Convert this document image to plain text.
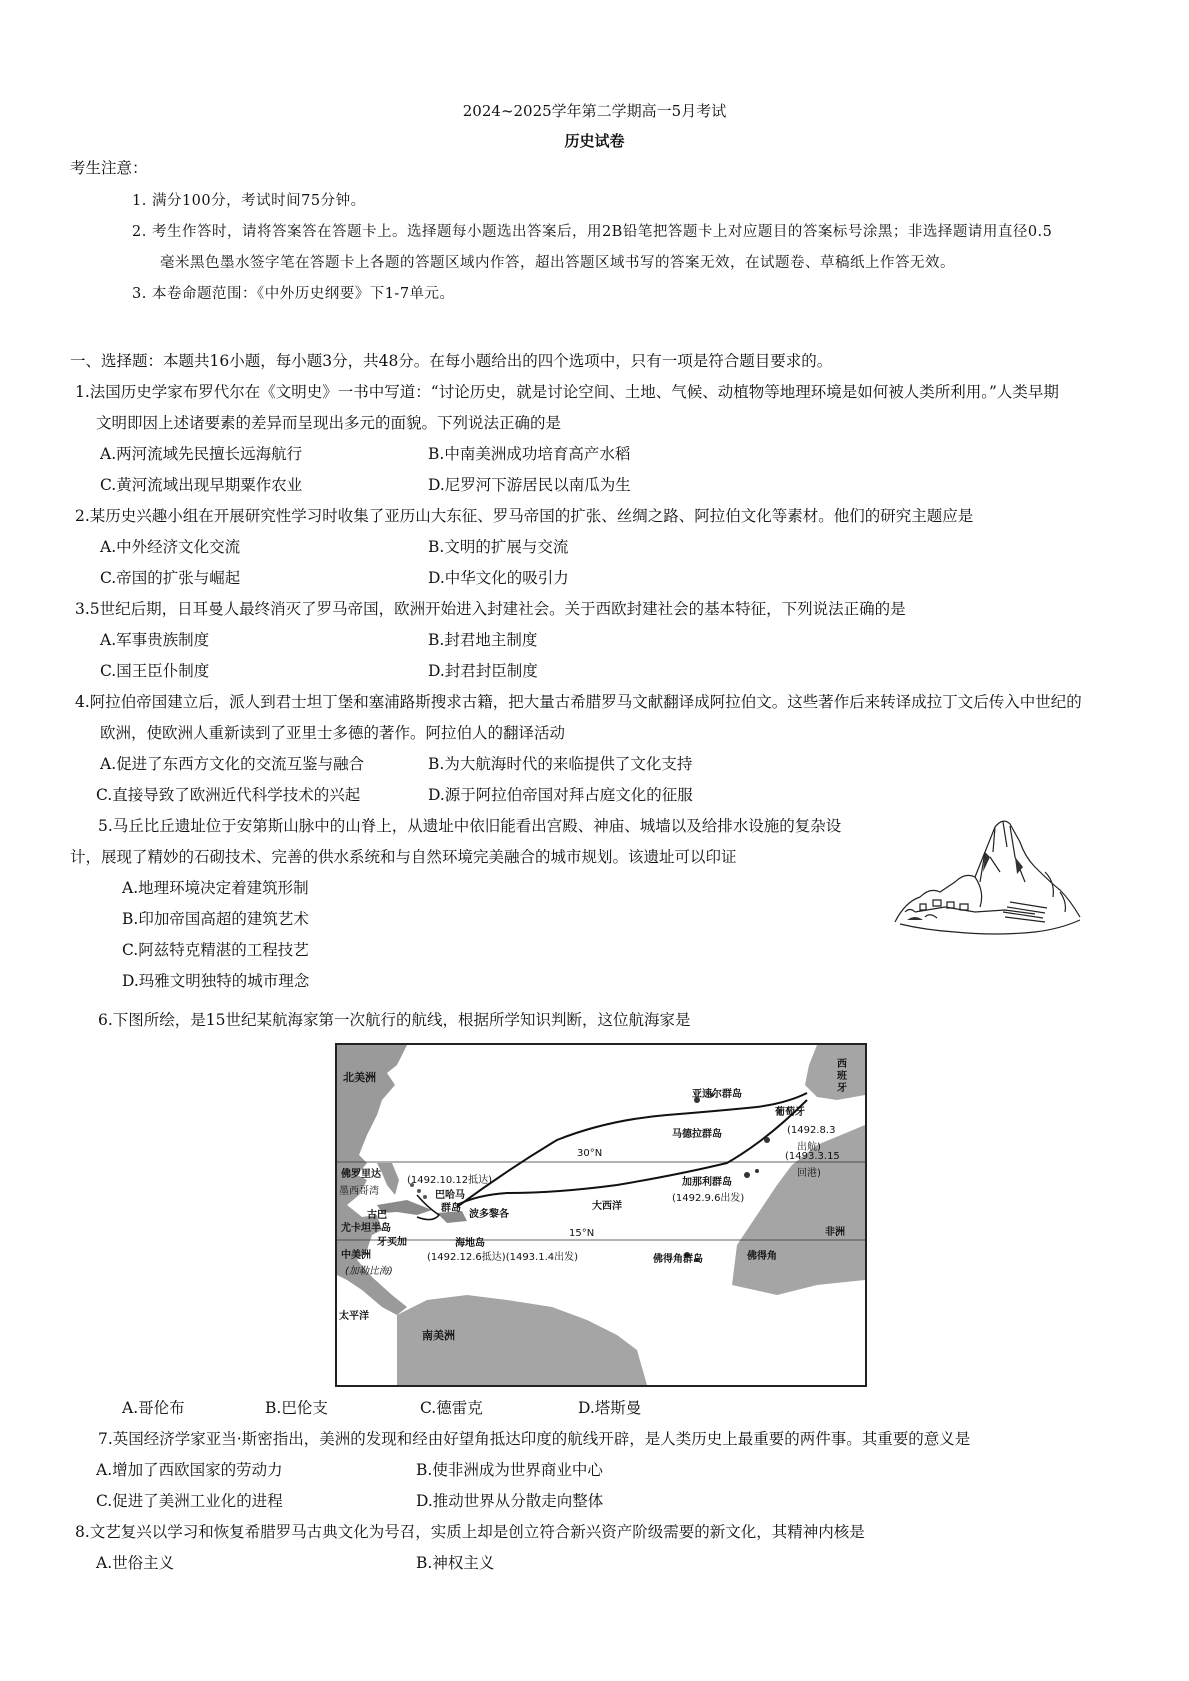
2024~2025学年第二学期高一5月考试
历史试卷
考生注意：
1. 满分100分，考试时间75分钟。
2. 考生作答时，请将答案答在答题卡上。选择题每小题选出答案后，用2B铅笔把答题卡上对应题目的答案标号涂黑；非选择题请用直径0.5
毫米黑色墨水签字笔在答题卡上各题的答题区域内作答，超出答题区域书写的答案无效，在试题卷、草稿纸上作答无效。
3. 本卷命题范围：《中外历史纲要》下1-7单元。
一、选择题：本题共16小题，每小题3分，共48分。在每小题给出的四个选项中，只有一项是符合题目要求的。
1.法国历史学家布罗代尔在《文明史》一书中写道：“讨论历史，就是讨论空间、土地、气候、动植物等地理环境是如何被人类所利用。”人类早期
文明即因上述诸要素的差异而呈现出多元的面貌。下列说法正确的是
A.两河流域先民擅长远海航行	B.中南美洲成功培育高产水稻
C.黄河流域出现早期粟作农业	D.尼罗河下游居民以南瓜为生
2.某历史兴趣小组在开展研究性学习时收集了亚历山大东征、罗马帝国的扩张、丝绸之路、阿拉伯文化等素材。他们的研究主题应是
A.中外经济文化交流	B.文明的扩展与交流
C.帝国的扩张与崛起	D.中华文化的吸引力
3.5世纪后期，日耳曼人最终消灭了罗马帝国，欧洲开始进入封建社会。关于西欧封建社会的基本特征，下列说法正确的是
A.军事贵族制度	B.封君地主制度
C.国王臣仆制度	D.封君封臣制度
4.阿拉伯帝国建立后，派人到君士坦丁堡和塞浦路斯搜求古籍，把大量古希腊罗马文献翻译成阿拉伯文。这些著作后来转译成拉丁文后传入中世纪的
欧洲，使欧洲人重新读到了亚里士多德的著作。阿拉伯人的翻译活动
A.促进了东西方文化的交流互鉴与融合	B.为大航海时代的来临提供了文化支持
C.直接导致了欧洲近代科学技术的兴起	D.源于阿拉伯帝国对拜占庭文化的征服
5.马丘比丘遗址位于安第斯山脉中的山脊上，从遗址中依旧能看出宫殿、神庙、城墙以及给排水设施的复杂设
计，展现了精妙的石砌技术、完善的供水系统和与自然环境完美融合的城市规划。该遗址可以印证
A.地理环境决定着建筑形制
B.印加帝国高超的建筑艺术
C.阿兹特克精湛的工程技艺
D.玛雅文明独特的城市理念
6.下图所绘，是15世纪某航海家第一次航行的航线，根据所学知识判断，这位航海家是
北美洲
亚速尔群岛
葡萄牙
西班牙
马德拉群岛	(1492.8.3
出航)
(1493.3.15
回港)
30°N
佛罗里达
(1492.10.12抵达)
墨西哥湾	巴哈马
群岛
加那利群岛
(1492.9.6出发)
古巴	波多黎各
大西洋
尤卡坦半岛	非洲
牙买加
15°N
海地岛
中美洲	(1492.12.6抵达)(1493.1.4出发)
(加勒比海)
佛得角群岛	佛得角
太平洋
南美洲
A.哥伦布	B.巴伦支	C.德雷克	D.塔斯曼
7.英国经济学家亚当·斯密指出，美洲的发现和经由好望角抵达印度的航线开辟，是人类历史上最重要的两件事。其重要的意义是
A.增加了西欧国家的劳动力	B.使非洲成为世界商业中心
C.促进了美洲工业化的进程	D.推动世界从分散走向整体
8.文艺复兴以学习和恢复希腊罗马古典文化为号召，实质上却是创立符合新兴资产阶级需要的新文化，其精神内核是
A.世俗主义	B.神权主义
